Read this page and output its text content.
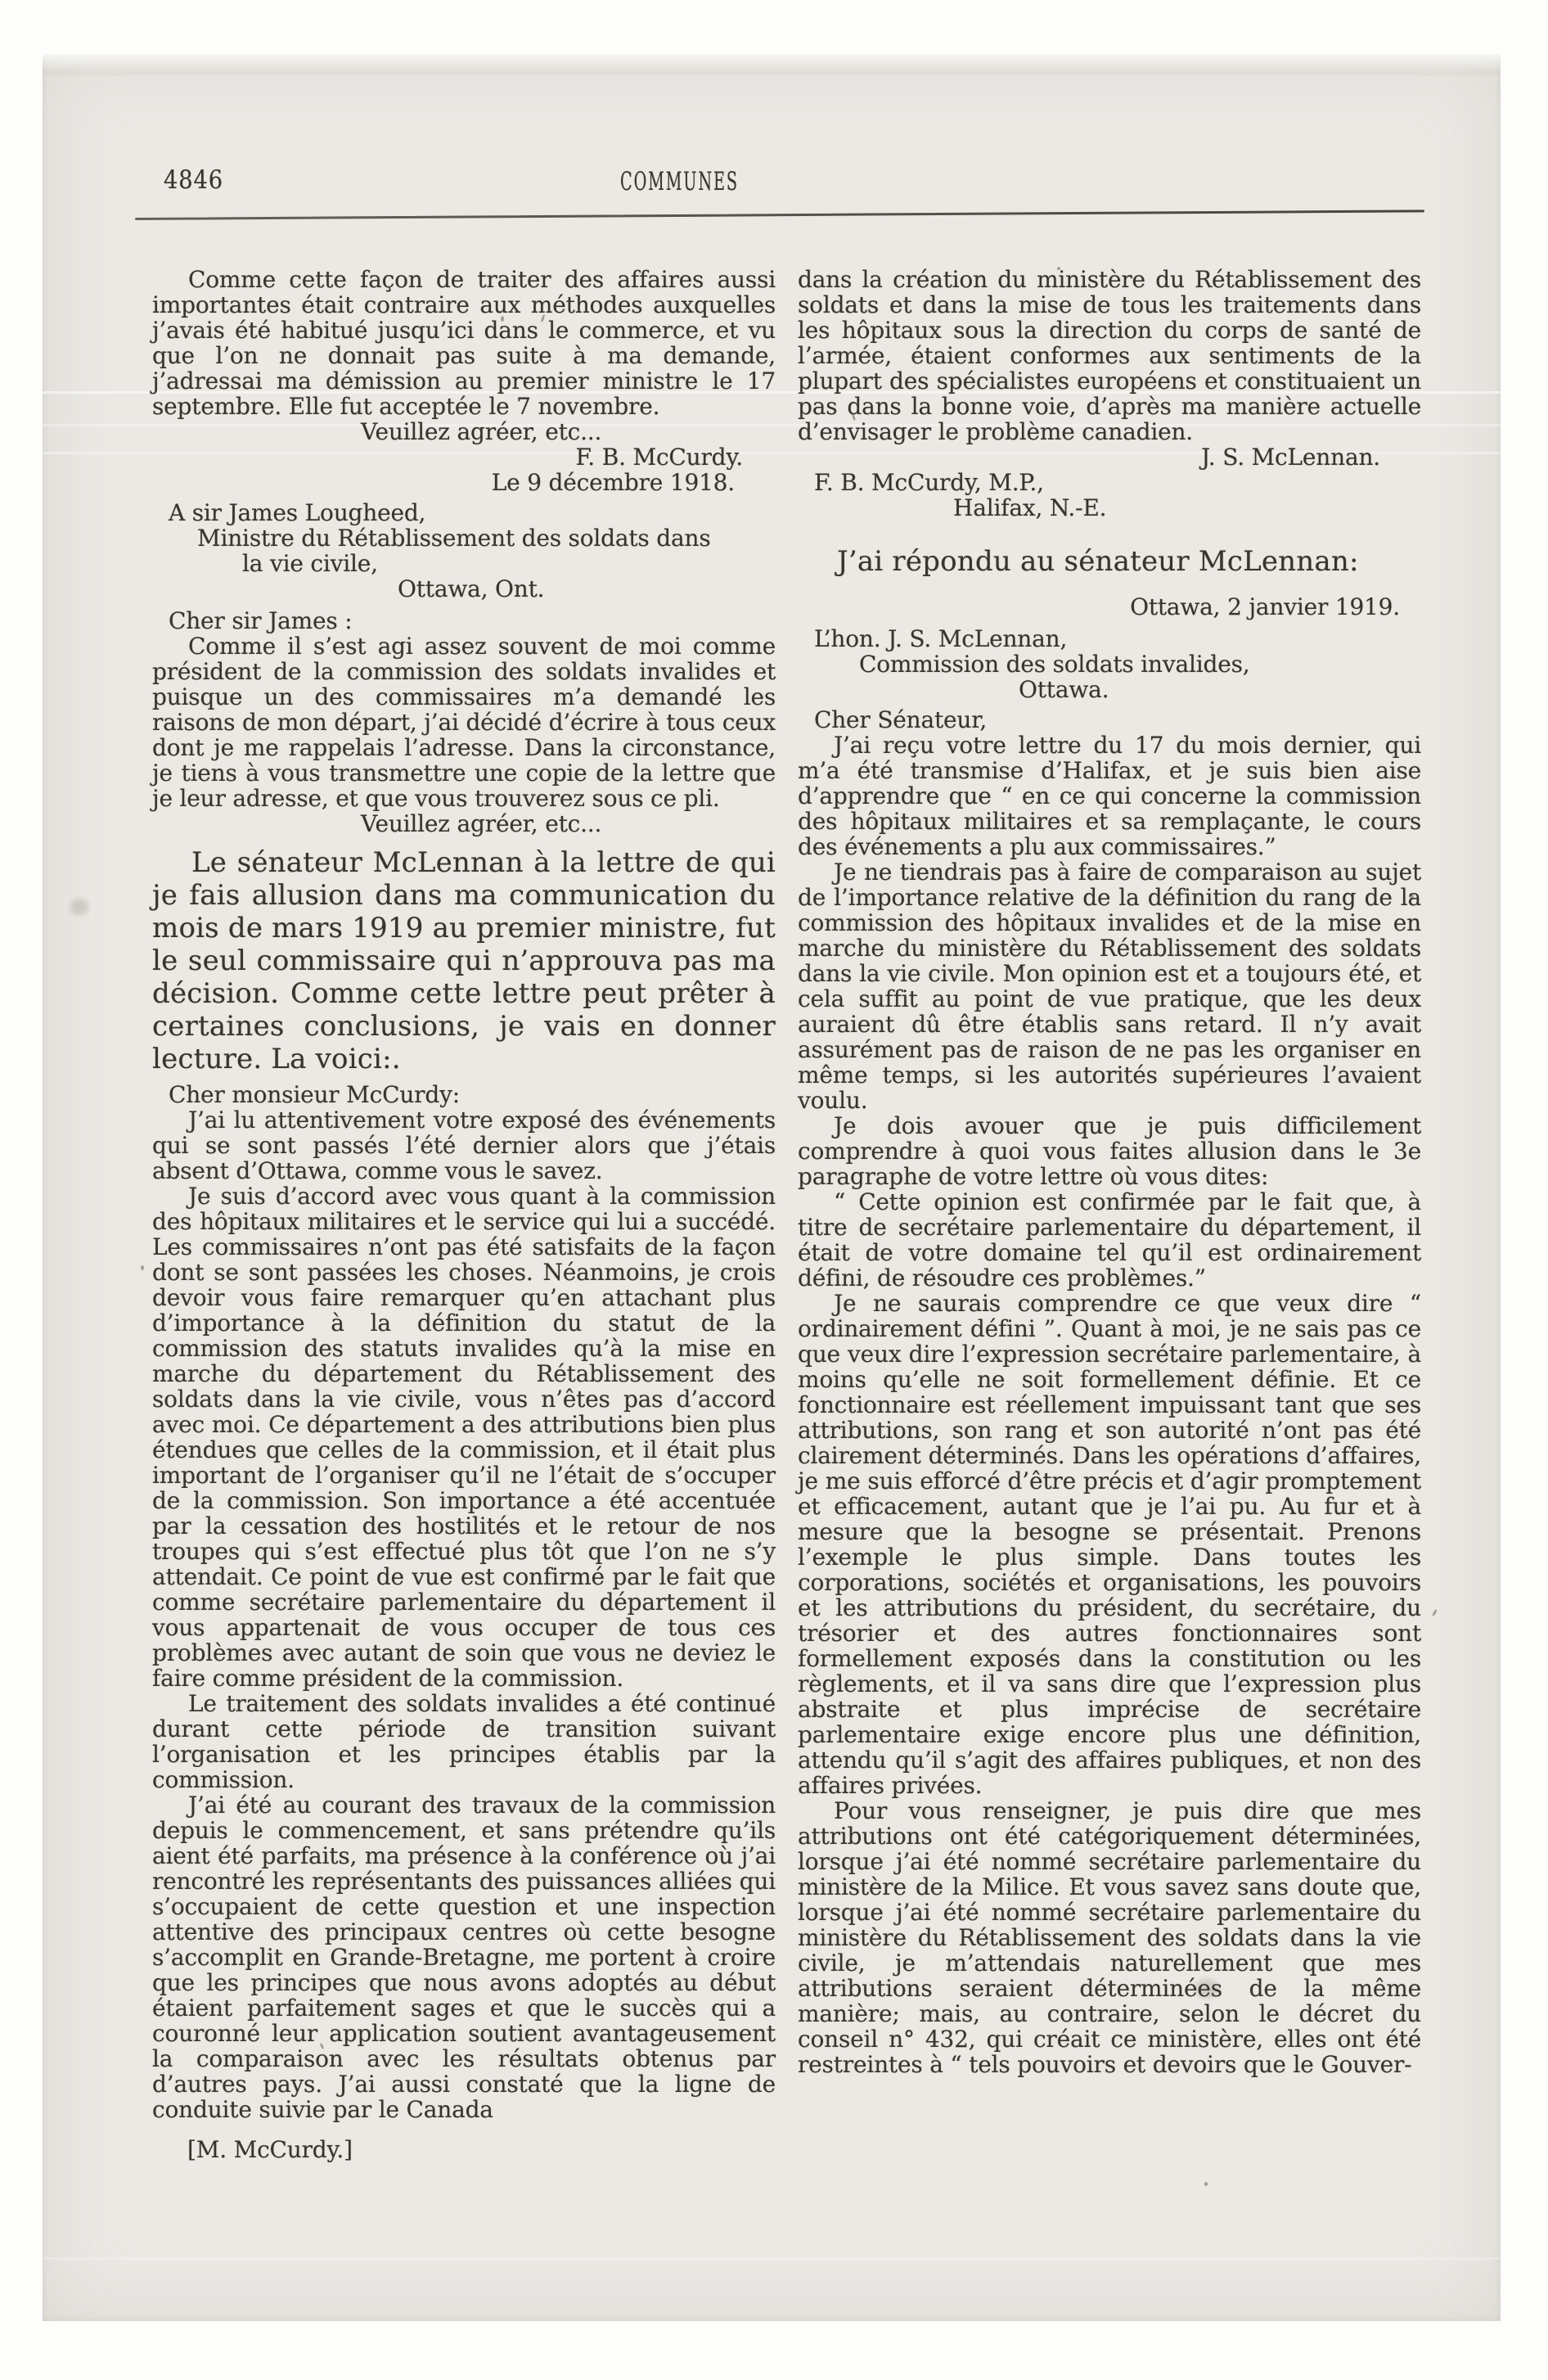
4846	COMMUNES
Comme cette façon de traiter des affaires aussi importantes était contraire aux méthodes auxquelles j’avais été habitué jusqu’ici dans le commerce, et vu que l’on ne donnait pas suite à ma demande, j’adressai ma démission au premier ministre le 17 septembre. Elle fut acceptée le 7 novembre.
Veuillez agréer, etc...
F. B. McCurdy.
Le 9 décembre 1918.
A sir James Lougheed,
Ministre du Rétablissement des soldats dans
la vie civile,
Ottawa, Ont.
Cher sir James :
Comme il s’est agi assez souvent de moi comme président de la commission des soldats invalides et puisque un des commissaires m’a demandé les raisons de mon départ, j’ai décidé d’écrire à tous ceux dont je me rappelais l’adresse. Dans la circonstance, je tiens à vous transmettre une copie de la lettre que je leur adresse, et que vous trouverez sous ce pli.
Veuillez agréer, etc...
Le sénateur McLennan à la lettre de qui je fais allusion dans ma communication du mois de mars 1919 au premier ministre, fut le seul commissaire qui n’approuva pas ma décision. Comme cette lettre peut prêter à certaines conclusions, je vais en donner lecture. La voici:.
Cher monsieur McCurdy:
J’ai lu attentivement votre exposé des événements qui se sont passés l’été dernier alors que j’étais absent d’Ottawa, comme vous le savez.
Je suis d’accord avec vous quant à la commission des hôpitaux militaires et le service qui lui a succédé. Les commissaires n’ont pas été satisfaits de la façon dont se sont passées les choses. Néanmoins, je crois devoir vous faire remarquer qu’en attachant plus d’importance à la définition du statut de la commission des statuts invalides qu’à la mise en marche du département du Rétablissement des soldats dans la vie civile, vous n’êtes pas d’accord avec moi. Ce département a des attributions bien plus étendues que celles de la commission, et il était plus important de l’organiser qu’il ne l’était de s’occuper de la commission. Son importance a été accentuée par la cessation des hostilités et le retour de nos troupes qui s’est effectué plus tôt que l’on ne s’y attendait. Ce point de vue est confirmé par le fait que comme secrétaire parlementaire du département il vous appartenait de vous occuper de tous ces problèmes avec autant de soin que vous ne deviez le faire comme président de la commission.
Le traitement des soldats invalides a été continué durant cette période de transition suivant l’organisation et les principes établis par la commission.
J’ai été au courant des travaux de la commission depuis le commencement, et sans prétendre qu’ils aient été parfaits, ma présence à la conférence où j’ai rencontré les représentants des puissances alliées qui s’occupaient de cette question et une inspection attentive des principaux centres où cette besogne s’accomplit en Grande-Bretagne, me portent à croire que les principes que nous avons adoptés au début étaient parfaitement sages et que le succès qui a couronné leur application soutient avantageusement la comparaison avec les résultats obtenus par d’autres pays. J’ai aussi constaté que la ligne de conduite suivie par le Canada
[M. McCurdy.]
dans la création du ministère du Rétablissement des soldats et dans la mise de tous les traitements dans les hôpitaux sous la direction du corps de santé de l’armée, étaient conformes aux sentiments de la plupart des spécialistes européens et constituaient un pas dans la bonne voie, d’après ma manière actuelle d’envisager le problème canadien.
J. S. McLennan.
F. B. McCurdy, M.P.,
Halifax, N.-E.
J’ai répondu au sénateur McLennan:
Ottawa, 2 janvier 1919.
L’hon. J. S. McLennan,
Commission des soldats invalides,
Ottawa.
Cher Sénateur,
J’ai reçu votre lettre du 17 du mois dernier, qui m’a été transmise d’Halifax, et je suis bien aise d’apprendre que “ en ce qui concerne la commission des hôpitaux militaires et sa remplaçante, le cours des événements a plu aux commissaires.”
Je ne tiendrais pas à faire de comparaison au sujet de l’importance relative de la définition du rang de la commission des hôpitaux invalides et de la mise en marche du ministère du Rétablissement des soldats dans la vie civile. Mon opinion est et a toujours été, et cela suffit au point de vue pratique, que les deux auraient dû être établis sans retard. Il n’y avait assurément pas de raison de ne pas les organiser en même temps, si les autorités supérieures l’avaient voulu.
Je dois avouer que je puis difficilement comprendre à quoi vous faites allusion dans le 3e paragraphe de votre lettre où vous dites:
“ Cette opinion est confirmée par le fait que, à titre de secrétaire parlementaire du département, il était de votre domaine tel qu’il est ordinairement défini, de résoudre ces problèmes.”
Je ne saurais comprendre ce que veux dire “ ordinairement défini ”. Quant à moi, je ne sais pas ce que veux dire l’expression secrétaire parlementaire, à moins qu’elle ne soit formellement définie. Et ce fonctionnaire est réellement impuissant tant que ses attributions, son rang et son autorité n’ont pas été clairement déterminés. Dans les opérations d’affaires, je me suis efforcé d’être précis et d’agir promptement et efficacement, autant que je l’ai pu. Au fur et à mesure que la besogne se présentait. Prenons l’exemple le plus simple. Dans toutes les corporations, sociétés et organisations, les pouvoirs et les attributions du président, du secrétaire, du trésorier et des autres fonctionnaires sont formellement exposés dans la constitution ou les règlements, et il va sans dire que l’expression plus abstraite et plus imprécise de secrétaire parlementaire exige encore plus une définition, attendu qu’il s’agit des affaires publiques, et non des affaires privées.
Pour vous renseigner, je puis dire que mes attributions ont été catégoriquement déterminées, lorsque j’ai été nommé secrétaire parlementaire du ministère de la Milice. Et vous savez sans doute que, lorsque j’ai été nommé secrétaire parlementaire du ministère du Rétablissement des soldats dans la vie civile, je m’attendais naturellement que mes attributions seraient déterminées de la même manière; mais, au contraire, selon le décret du conseil n° 432, qui créait ce ministère, elles ont été restreintes à “ tels pouvoirs et devoirs que le Gouver-
